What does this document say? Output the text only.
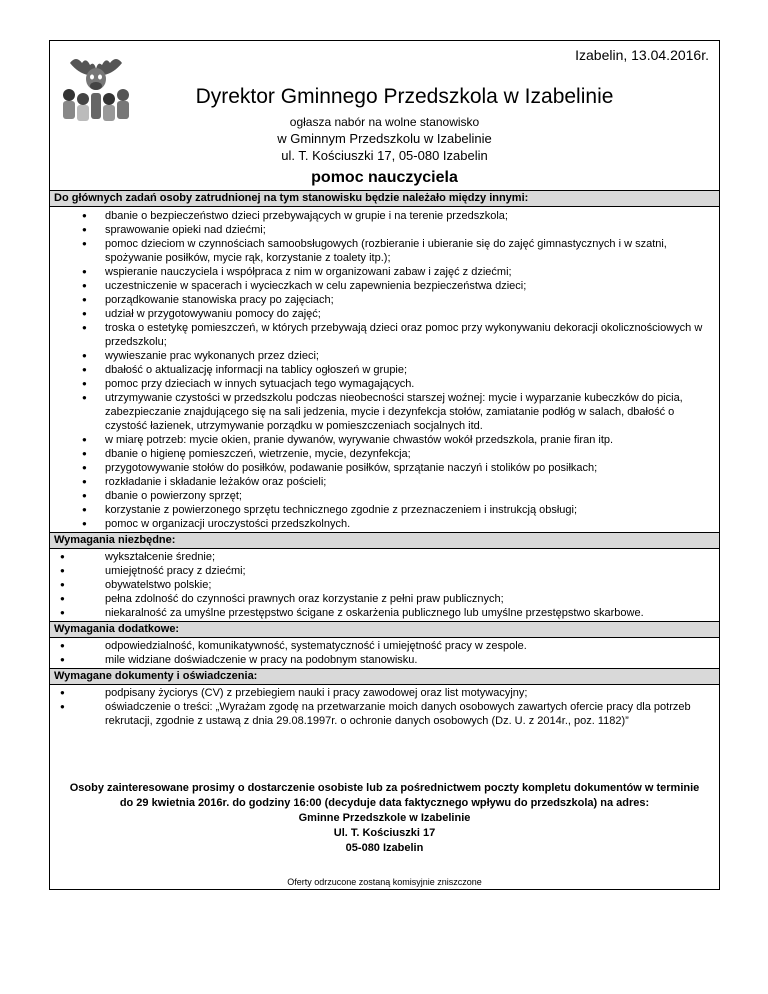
Izabelin, 13.04.2016r.
Dyrektor Gminnego Przedszkola w Izabelinie
ogłasza nabór na wolne stanowisko
w Gminnym Przedszkolu w Izabelinie
ul. T. Kościuszki 17, 05-080 Izabelin
pomoc nauczyciela
Do głównych zadań osoby zatrudnionej na tym stanowisku będzie należało między innymi:
● dbanie o bezpieczeństwo dzieci przebywających w grupie i na terenie przedszkola;
● sprawowanie opieki nad dziećmi;
● pomoc dzieciom w czynnościach samoobsługowych (rozbieranie i ubieranie się do zajęć gimnastycznych i w szatni, spożywanie posiłków, mycie rąk, korzystanie z toalety itp.);
● wspieranie nauczyciela i współpraca z nim w organizowani zabaw i zajęć z dziećmi;
● uczestniczenie w spacerach i wycieczkach w celu zapewnienia bezpieczeństwa dzieci;
● porządkowanie stanowiska pracy po zajęciach;
● udział w przygotowywaniu pomocy do zajęć;
● troska o estetykę pomieszczeń, w których przebywają dzieci oraz pomoc przy wykonywaniu dekoracji okolicznościowych w przedszkolu;
● wywieszanie prac wykonanych przez dzieci;
● dbałość o aktualizację informacji na tablicy ogłoszeń w grupie;
● pomoc przy dzieciach w innych sytuacjach tego wymagających.
● utrzymywanie czystości w przedszkolu podczas nieobecności starszej woźnej: mycie i wyparzanie kubeczków do picia, zabezpieczanie znajdującego się na sali jedzenia, mycie i dezynfekcja stołów, zamiatanie podłóg w salach, dbałość o czystość łazienek, utrzymywanie porządku w pomieszczeniach socjalnych itd.
● w miarę potrzeb: mycie okien, pranie dywanów, wyrywanie chwastów wokół przedszkola, pranie firan itp.
● dbanie o higienę pomieszczeń, wietrzenie, mycie, dezynfekcja;
● przygotowywanie stołów do posiłków, podawanie posiłków, sprzątanie naczyń i stolików po posiłkach;
● rozkładanie i składanie leżaków oraz pościeli;
● dbanie o powierzony sprzęt;
● korzystanie z powierzonego sprzętu technicznego zgodnie z przeznaczeniem i instrukcją obsługi;
● pomoc w organizacji uroczystości przedszkolnych.
Wymagania niezbędne:
●	wykształcenie średnie;
●	umiejętność pracy z dziećmi;
●	obywatelstwo polskie;
●	pełna zdolność do czynności prawnych oraz korzystanie z pełni praw publicznych;
●	niekaralność za umyślne przestępstwo ścigane z oskarżenia publicznego lub umyślne przestępstwo skarbowe.
Wymagania dodatkowe:
●	odpowiedzialność, komunikatywność, systematyczność i umiejętność pracy w zespole.
●	mile widziane doświadczenie w pracy na podobnym stanowisku.
Wymagane dokumenty i oświadczenia:
●	podpisany życiorys (CV) z przebiegiem nauki i pracy zawodowej oraz list motywacyjny;
●	oświadczenie o treści: „Wyrażam zgodę na przetwarzanie moich danych osobowych zawartych ofercie pracy dla potrzeb rekrutacji, zgodnie z ustawą z dnia 29.08.1997r. o ochronie danych osobowych (Dz. U. z 2014r., poz. 1182)”
Osoby zainteresowane prosimy o dostarczenie osobiste lub za pośrednictwem poczty kompletu dokumentów w terminie
do 29 kwietnia 2016r. do godziny 16:00 (decyduje data faktycznego wpływu do przedszkola) na adres:
Gminne Przedszkole w Izabelinie
Ul. T. Kościuszki 17
05-080 Izabelin
Oferty odrzucone zostaną komisyjnie zniszczone
